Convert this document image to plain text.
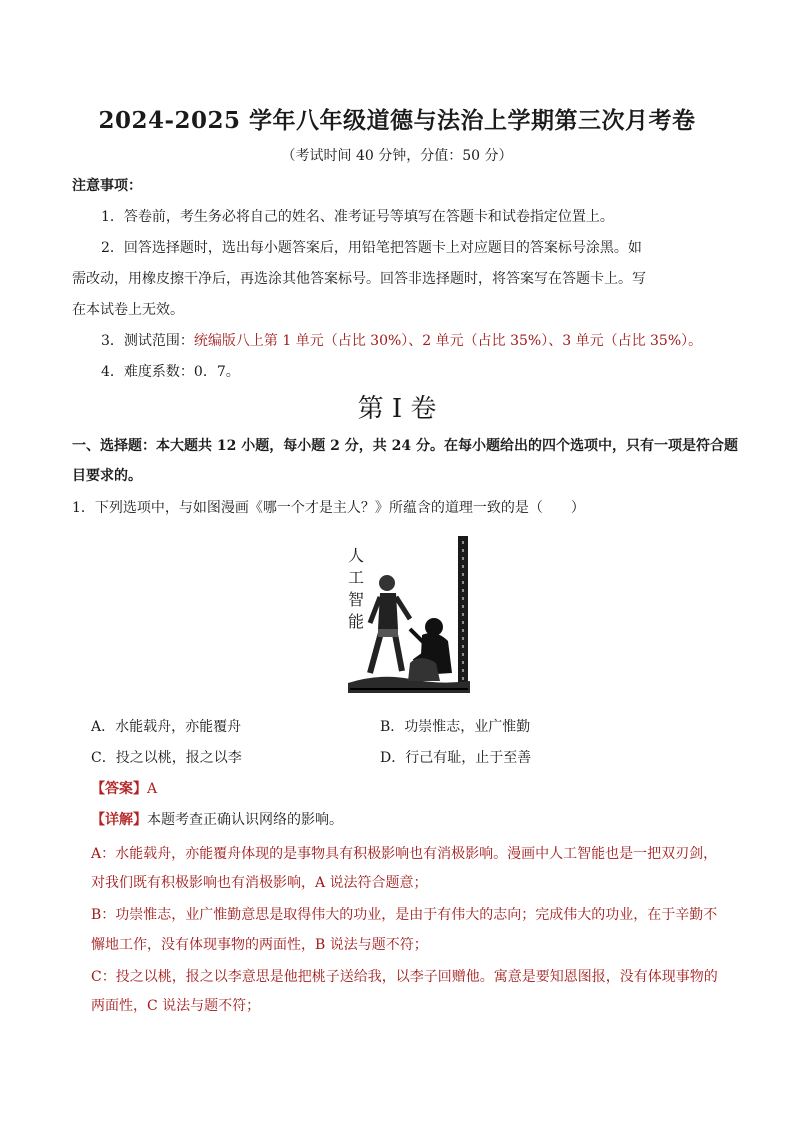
2024-2025 学年八年级道德与法治上学期第三次月考卷
（考试时间 40 分钟，分值：50 分）
注意事项：
1．答卷前，考生务必将自己的姓名、准考证号等填写在答题卡和试卷指定位置上。
2．回答选择题时，选出每小题答案后，用铅笔把答题卡上对应题目的答案标号涂黑。如
需改动，用橡皮擦干净后，再选涂其他答案标号。回答非选择题时，将答案写在答题卡上。写
在本试卷上无效。
3．测试范围：统编版八上第 1 单元（占比 30%）、2 单元（占比 35%）、3 单元（占比 35%）。
4．难度系数：0．7。
第 I 卷
一、选择题：本大题共 12 小题，每小题 2 分，共 24 分。在每小题给出的四个选项中，只有一项是符合题
目要求的。
1．下列选项中，与如图漫画《哪一个才是主人？》所蕴含的道理一致的是（　　）
人
工
智
能
A．水能载舟，亦能覆舟	B．功崇惟志，业广惟勤
C．投之以桃，报之以李	D．行己有耻，止于至善
【答案】A
【详解】本题考查正确认识网络的影响。
A：水能载舟，亦能覆舟体现的是事物具有积极影响也有消极影响。漫画中人工智能也是一把双刃剑，
对我们既有积极影响也有消极影响，A 说法符合题意；
B：功崇惟志，业广惟勤意思是取得伟大的功业，是由于有伟大的志向；完成伟大的功业，在于辛勤不
懈地工作，没有体现事物的两面性，B 说法与题不符；
C：投之以桃，报之以李意思是他把桃子送给我，以李子回赠他。寓意是要知恩图报，没有体现事物的
两面性，C 说法与题不符；
